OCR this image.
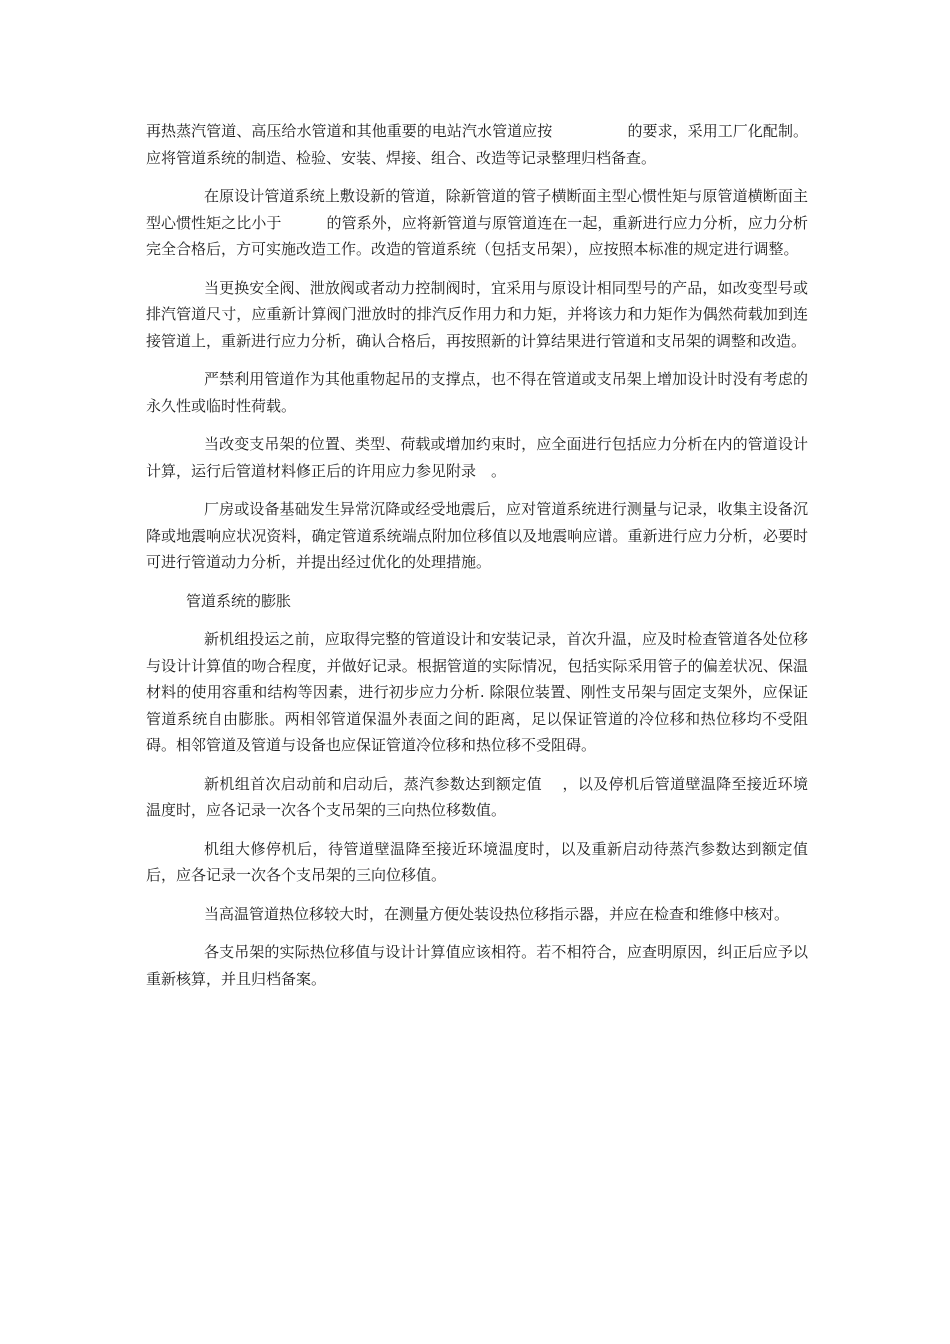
再热蒸汽管道、高压给水管道和其他重要的电站汽水管道应按　　　　　的要求，采用工厂化配制。应将管道系统的制造、检验、安装、焊接、组合、改造等记录整理归档备查。

在原设计管道系统上敷设新的管道，除新管道的管子横断面主型心惯性矩与原管道横断面主型心惯性矩之比小于　　　的管系外，应将新管道与原管道连在一起，重新进行应力分析，应力分析完全合格后，方可实施改造工作。改造的管道系统（包括支吊架），应按照本标准的规定进行调整。

当更换安全阀、泄放阀或者动力控制阀时，宜采用与原设计相同型号的产品，如改变型号或排汽管道尺寸，应重新计算阀门泄放时的排汽反作用力和力矩，并将该力和力矩作为偶然荷载加到连接管道上，重新进行应力分析，确认合格后，再按照新的计算结果进行管道和支吊架的调整和改造。

严禁利用管道作为其他重物起吊的支撑点，也不得在管道或支吊架上增加设计时没有考虑的永久性或临时性荷载。

当改变支吊架的位置、类型、荷载或增加约束时，应全面进行包括应力分析在内的管道设计计算，运行后管道材料修正后的许用应力参见附录　。

厂房或设备基础发生异常沉降或经受地震后，应对管道系统进行测量与记录，收集主设备沉降或地震响应状况资料，确定管道系统端点附加位移值以及地震响应谱。重新进行应力分析，必要时可进行管道动力分析，并提出经过优化的处理措施。

管道系统的膨胀

新机组投运之前，应取得完整的管道设计和安装记录，首次升温，应及时检查管道各处位移与设计计算值的吻合程度，并做好记录。根据管道的实际情况，包括实际采用管子的偏差状况、保温材料的使用容重和结构等因素，进行初步应力分析. 除限位装置、刚性支吊架与固定支架外，应保证管道系统自由膨胀。两相邻管道保温外表面之间的距离，足以保证管道的冷位移和热位移均不受阻碍。相邻管道及管道与设备也应保证管道冷位移和热位移不受阻碍。

新机组首次启动前和启动后，蒸汽参数达到额定值　 ，以及停机后管道壁温降至接近环境温度时，应各记录一次各个支吊架的三向热位移数值。

机组大修停机后，待管道壁温降至接近环境温度时，以及重新启动待蒸汽参数达到额定值　　后，应各记录一次各个支吊架的三向位移值。

当高温管道热位移较大时，在测量方便处装设热位移指示器，并应在检查和维修中核对。

各支吊架的实际热位移值与设计计算值应该相符。若不相符合，应查明原因，纠正后应予以重新核算，并且归档备案。
